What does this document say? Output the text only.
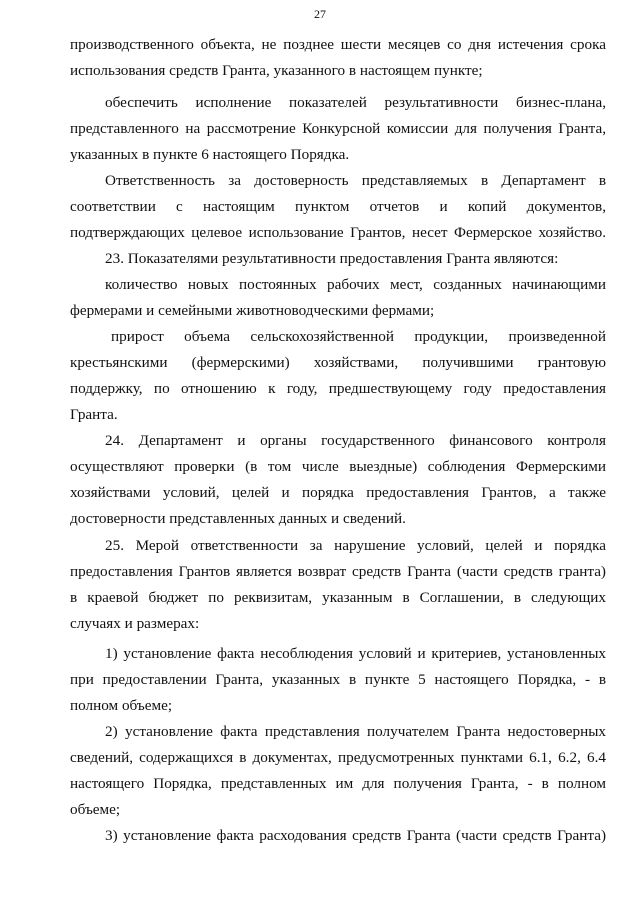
27
производственного объекта, не позднее шести месяцев со дня истечения срока
использования средств Гранта, указанного в настоящем пункте;
обеспечить исполнение показателей результативности бизнес-плана,
представленного на рассмотрение Конкурсной комиссии для получения Гранта,
указанных в пункте 6 настоящего Порядка.
Ответственность за достоверность представляемых в Департамент в
соответствии с настоящим пунктом отчетов и копий документов,
подтверждающих целевое использование Грантов, несет Фермерское хозяйство.
23. Показателями результативности предоставления Гранта являются:
количество новых постоянных рабочих мест, созданных начинающими
фермерами и семейными животноводческими фермами;
прирост объема сельскохозяйственной продукции, произведенной
крестьянскими (фермерскими) хозяйствами, получившими грантовую
поддержку, по отношению к году, предшествующему году предоставления
Гранта.
24. Департамент и органы государственного финансового контроля
осуществляют проверки (в том числе выездные) соблюдения Фермерскими
хозяйствами условий, целей и порядка предоставления Грантов, а также
достоверности представленных данных и сведений.
25. Мерой ответственности за нарушение условий, целей и порядка
предоставления Грантов является возврат средств Гранта (части средств гранта)
в краевой бюджет по реквизитам, указанным в Соглашении, в следующих
случаях и размерах:
1) установление факта несоблюдения условий и критериев, установленных
при предоставлении Гранта, указанных в пункте 5 настоящего Порядка, - в
полном объеме;
2) установление факта представления получателем Гранта недостоверных
сведений, содержащихся в документах, предусмотренных пунктами 6.1, 6.2, 6.4
настоящего Порядка, представленных им для получения Гранта, - в полном
объеме;
3) установление факта расходования средств Гранта (части средств Гранта)
